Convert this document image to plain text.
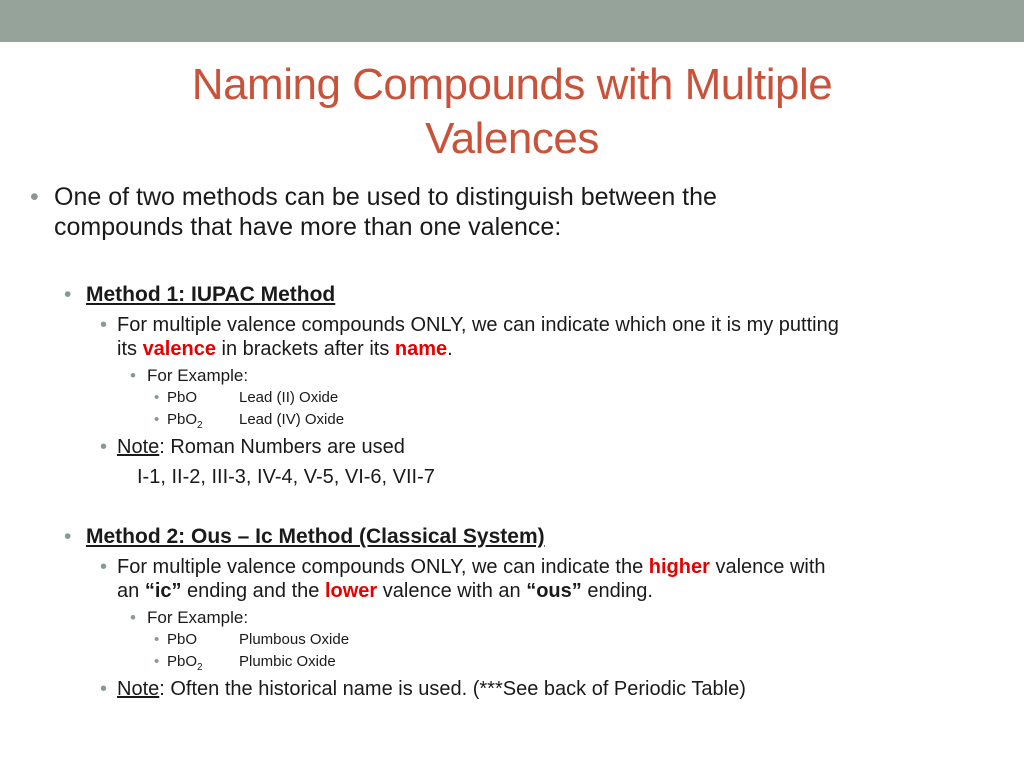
Naming Compounds with Multiple
Valences
• One of two methods can be used to distinguish between the
compounds that have more than one valence:
• Method 1: IUPAC Method
• For multiple valence compounds ONLY, we can indicate which one it is my putting
its valence in brackets after its name.
• For Example:
• PbO	Lead (II) Oxide
• PbO$_2$ Lead (IV) Oxide
• Note: Roman Numbers are used
I-1, II-2, III-3, IV-4, V-5, VI-6, VII-7
• Method 2: Ous – Ic Method (Classical System)
• For multiple valence compounds ONLY, we can indicate the higher valence with
an “ic” ending and the lower valence with an “ous” ending.
• For Example:
• PbO	Plumbous Oxide
• PbO$_2$ Plumbic Oxide
• Note: Often the historical name is used. (***See back of Periodic Table)
